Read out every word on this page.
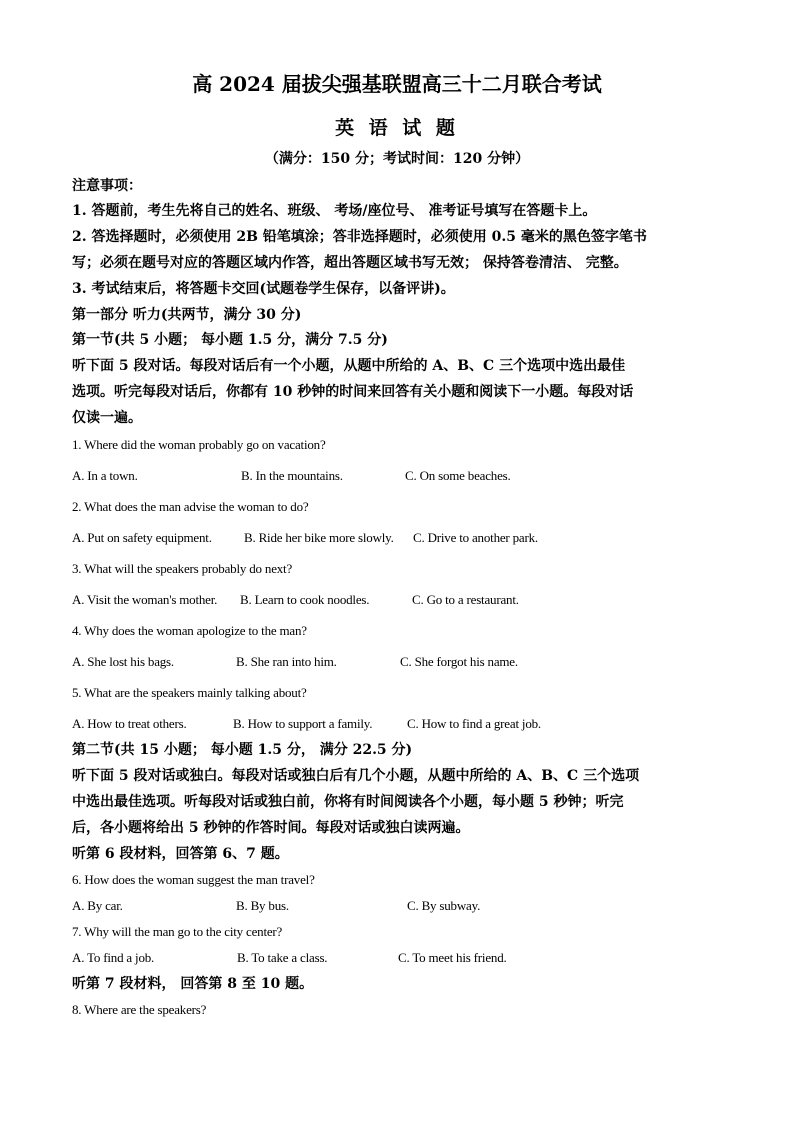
高 2024 届拔尖强基联盟高三十二月联合考试
英 语 试 题
（满分：150 分；考试时间：120 分钟）
注意事项：
1. 答题前，考生先将自己的姓名、班级、 考场/座位号、 准考证号填写在答题卡上。
2. 答选择题时，必须使用 2B 铅笔填涂；答非选择题时，必须使用 0.5 毫米的黑色签字笔书
写；必须在题号对应的答题区域内作答，超出答题区域书写无效； 保持答卷清洁、 完整。
3. 考试结束后，将答题卡交回(试题卷学生保存，以备评讲)。
第一部分 听力(共两节，满分 30 分)
第一节(共 5 小题； 每小题 1.5 分，满分 7.5 分)
听下面 5 段对话。每段对话后有一个小题，从题中所给的 A、B、C 三个选项中选出最佳
选项。听完每段对话后，你都有 10 秒钟的时间来回答有关小题和阅读下一小题。每段对话
仅读一遍。
1. Where did the woman probably go on vacation?
A. In a town.	B. In the mountains.	C. On some beaches.
2. What does the man advise the woman to do?
A. Put on safety equipment. B. Ride her bike more slowly. C. Drive to another park.
3. What will the speakers probably do next?
A. Visit the woman's mother. B. Learn to cook noodles.	C. Go to a restaurant.
4. Why does the woman apologize to the man?
A. She lost his bags.	B. She ran into him.	C. She forgot his name.
5. What are the speakers mainly talking about?
A. How to treat others.	B. How to support a family.	C. How to find a great job.
第二节(共 15 小题； 每小题 1.5 分， 满分 22.5 分)
听下面 5 段对话或独白。每段对话或独白后有几个小题，从题中所给的 A、B、C 三个选项
中选出最佳选项。听每段对话或独白前，你将有时间阅读各个小题，每小题 5 秒钟；听完
后，各小题将给出 5 秒钟的作答时间。每段对话或独白读两遍。
听第 6 段材料，回答第 6、7 题。
6. How does the woman suggest the man travel?
A. By car.	B. By bus.	C. By subway.
7. Why will the man go to the city center?
A. To find a job.	B. To take a class.	C. To meet his friend.
听第 7 段材料， 回答第 8 至 10 题。
8. Where are the speakers?
